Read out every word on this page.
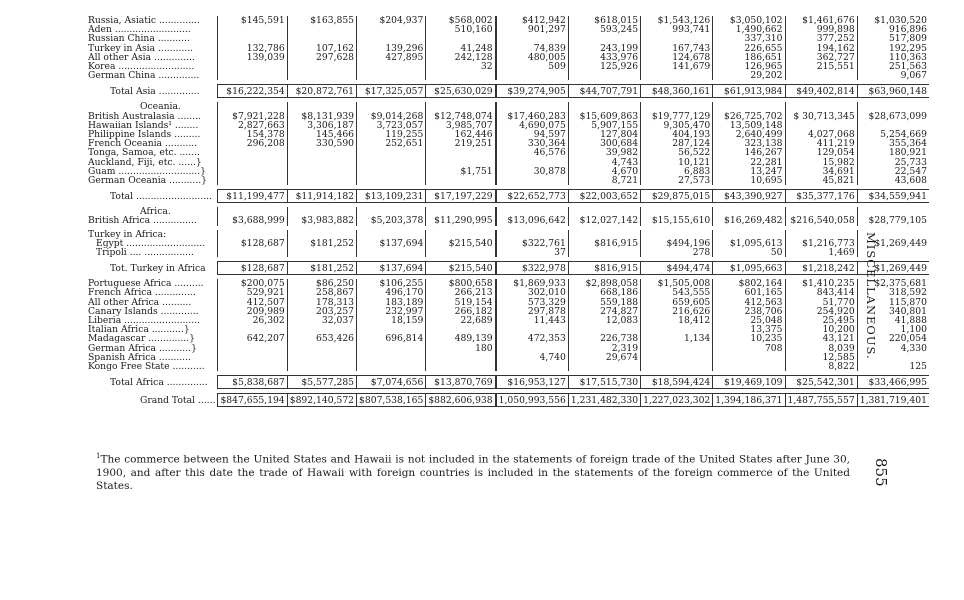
Russia, Asiatic ..............	$145,591	$163,855	$204,937	$568,002	$412,942	$618,015	$1,543,126	$3,050,102	$1,461,676	$1,030,520
Aden ..........................				510,160	901,297	593,245	993,741	1,490,662	999,898	916,896
Russian China ...........								337,310	377,252	517,809
Turkey in Asia ............	132,786	107,162	139,296	41,248	74,839	243,199	167,743	226,655	194,162	192,295
All other Asia ..............	139,039	297,628	427,895	242,128	480,005	433,976	124,678	186,651	362,727	110,363
Korea ..........................				32	509	125,926	141,679	126,965	215,551	251,563
German China ..............								29,202		9,067

Total Asia ..............	$16,222,354	$20,872,761	$17,325,057	$25,630,029	$39,274,905	$44,707,791	$48,360,161	$61,913,984	$49,402,814	$63,960,148

Oceania.										
British Australasia ........	$7,921,228	$8,131,939	$9,014,268	$12,748,074	$17,460,283	$15,609,863	$19,777,129	$26,725,702	$ 30,713,345	$28,673,099
Hawaiian Islands¹ ........	2,827,663	3,306,187	3,723,057	3,985,707	4,690,075	5,907,155	9,305,470	13,509,148		
Philippine Islands .........	154,378	145,466	119,255	162,446	94,597	127,804	404,193	2,640,499	4,027,068	5,254,669
French Oceania ...........	296,208	330,590	252,651	219,251	330,364	300,684	287,124	323,138	411,219	355,364
Tonga, Samoa, etc. .......					46,576	39,982	56,522	146,267	129,054	180,921
Auckland, Fiji, etc. ......}						4,743	10,121	22,281	15,982	25,733
Guam ............................}				$1,751	30,878	4,670	6,883	13,247	34,691	22,547
German Oceania ...........}						8,721	27,573	10,695	45,821	43,608

Total ..........................	$11,199,477	$11,914,182	$13,109,231	$17,197,229	$22,652,773	$22,003,652	$29,875,015	$43,390,927	$35,377,176	$34,559,941

Africa.										
British Africa ...............	$3,688,999	$3,983,882	$5,203,378	$11,290,995	$13,096,642	$12,027,142	$15,155,610	$16,269,482	$216,540,058	$28,779,105

Turkey in Africa:										
Egypt ...........................	$128,687	$181,252	$137,694	$215,540	$322,761	$816,915	$494,196	$1,095,613	$1,216,773	$1,269,449
Tripoli .... .................					37		278	50	1,469	

Tot. Turkey in Africa	$128,687	$181,252	$137,694	$215,540	$322,978	$816,915	$494,474	$1,095,663	$1,218,242	$1,269,449

Portuguese Africa ..........	$200,075	$86,250	$106,255	$800,658	$1,869,933	$2,898,058	$1,505,008	$802,164	$1,410,235	$2,375,681
French Africa ..............	529,921	258,867	496,170	266,213	302,010	668,186	543,555	601,165	843,414	318,592
All other Africa ..........	412,507	178,313	183,189	519,154	573,329	559,188	659,605	412,563	51,770	115,870
Canary Islands .............	209,989	203,257	232,997	266,182	297,878	274,827	216,626	238,706	254,920	340,801
Liberia ..........................	26,302	32,037	18,159	22,689	11,443	12,083	18,412	25,048	25,495	41,888
Italian Africa ...........}								13,375	10,200	1,100
Madagascar ..............}	642,207	653,426	696,814	489,139	472,353	226,738	1,134	10,235	43,121	220,054
German Africa ...........}				180		2,319		708	8,039	4,330
Spanish Africa ...........					4,740	29,674			12,585	
Kongo Free State ...........									8,822	125

Total Africa ..............	$5,838,687	$5,577,285	$7,074,656	$13,870,769	$16,953,127	$17,515,730	$18,594,424	$19,469,109	$25,542,301	$33,466,995

Grand Total ......	$847,655,194	$892,140,572	$807,538,165	$882,606,938	1,050,993,556	1,231,482,330	1,227,023,302	1,394,186,371	1,487,755,557	1,381,719,401
MISCELLANEOUS.
855
$^1$The commerce between the United States and Hawaii is not included in the statements of foreign trade of the United States after June 30, 1900, and after this date the trade of Hawaii with foreign countries is included in the statements of the foreign commerce of the United States.
